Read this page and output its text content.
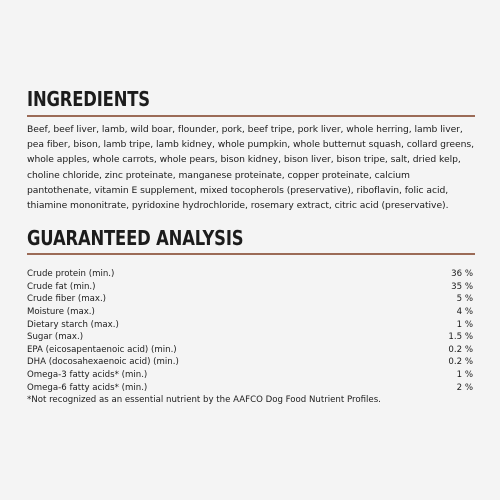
INGREDIENTS

Beef, beef liver, lamb, wild boar, flounder, pork, beef tripe, pork liver, whole herring, lamb liver, pea fiber, bison, lamb tripe, lamb kidney, whole pumpkin, whole butternut squash, collard greens, whole apples, whole carrots, whole pears, bison kidney, bison liver, bison tripe, salt, dried kelp, choline chloride, zinc proteinate, manganese proteinate, copper proteinate, calcium pantothenate, vitamin E supplement, mixed tocopherols (preservative), riboflavin, folic acid, thiamine mononitrate, pyridoxine hydrochloride, rosemary extract, citric acid (preservative).

GUARANTEED ANALYSIS
Crude protein (min.)	36 %
Crude fat (min.)	35 %
Crude fiber (max.)	5 %
Moisture (max.)	4 %
Dietary starch (max.)	1 %
Sugar (max.)	1.5 %
EPA (eicosapentaenoic acid) (min.)	0.2 %
DHA (docosahexaenoic acid) (min.)	0.2 %
Omega-3 fatty acids* (min.)	1 %
Omega-6 fatty acids* (min.)	2 %
*Not recognized as an essential nutrient by the AAFCO Dog Food Nutrient Profiles.
